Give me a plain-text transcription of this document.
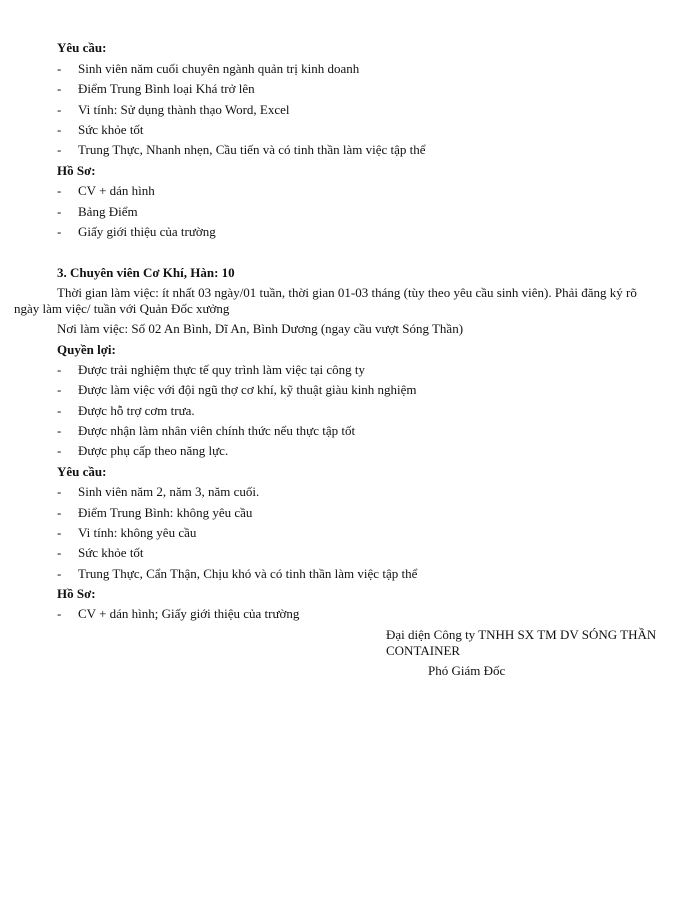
Yêu cầu:
- Sinh viên năm cuối chuyên ngành quản trị kinh doanh
- Điểm Trung Bình loại Khá trở lên
- Vi tính: Sử dụng thành thạo Word, Excel
- Sức khỏe tốt
- Trung Thực, Nhanh nhẹn, Cầu tiến và có tinh thần làm việc tập thể
Hồ Sơ:
- CV + dán hình
- Bảng Điểm
- Giấy giới thiệu của trường
3. Chuyên viên Cơ Khí, Hàn: 10
Thời gian làm việc: ít nhất 03 ngày/01 tuần, thời gian 01-03 tháng (tùy theo yêu cầu sinh viên). Phải đăng ký rõ
ngày làm việc/ tuần với Quản Đốc xưởng
Nơi làm việc: Số 02 An Bình, Dĩ An, Bình Dương (ngay cầu vượt Sóng Thần)
Quyền lợi:
- Được trải nghiệm thực tế quy trình làm việc tại công ty
- Được làm việc với đội ngũ thợ cơ khí, kỹ thuật giàu kinh nghiệm
- Được hỗ trợ cơm trưa.
- Được nhận làm nhân viên chính thức nếu thực tập tốt
- Được phụ cấp theo năng lực.
Yêu cầu:
- Sinh viên năm 2, năm 3, năm cuối.
- Điểm Trung Bình: không yêu cầu
- Vi tính: không yêu cầu
- Sức khỏe tốt
- Trung Thực, Cẩn Thận, Chịu khó và có tinh thần làm việc tập thể
Hồ Sơ:
- CV + dán hình; Giấy giới thiệu của trường
Đại diện Công ty TNHH SX TM DV SÓNG THẦN
CONTAINER
Phó Giám Đốc
